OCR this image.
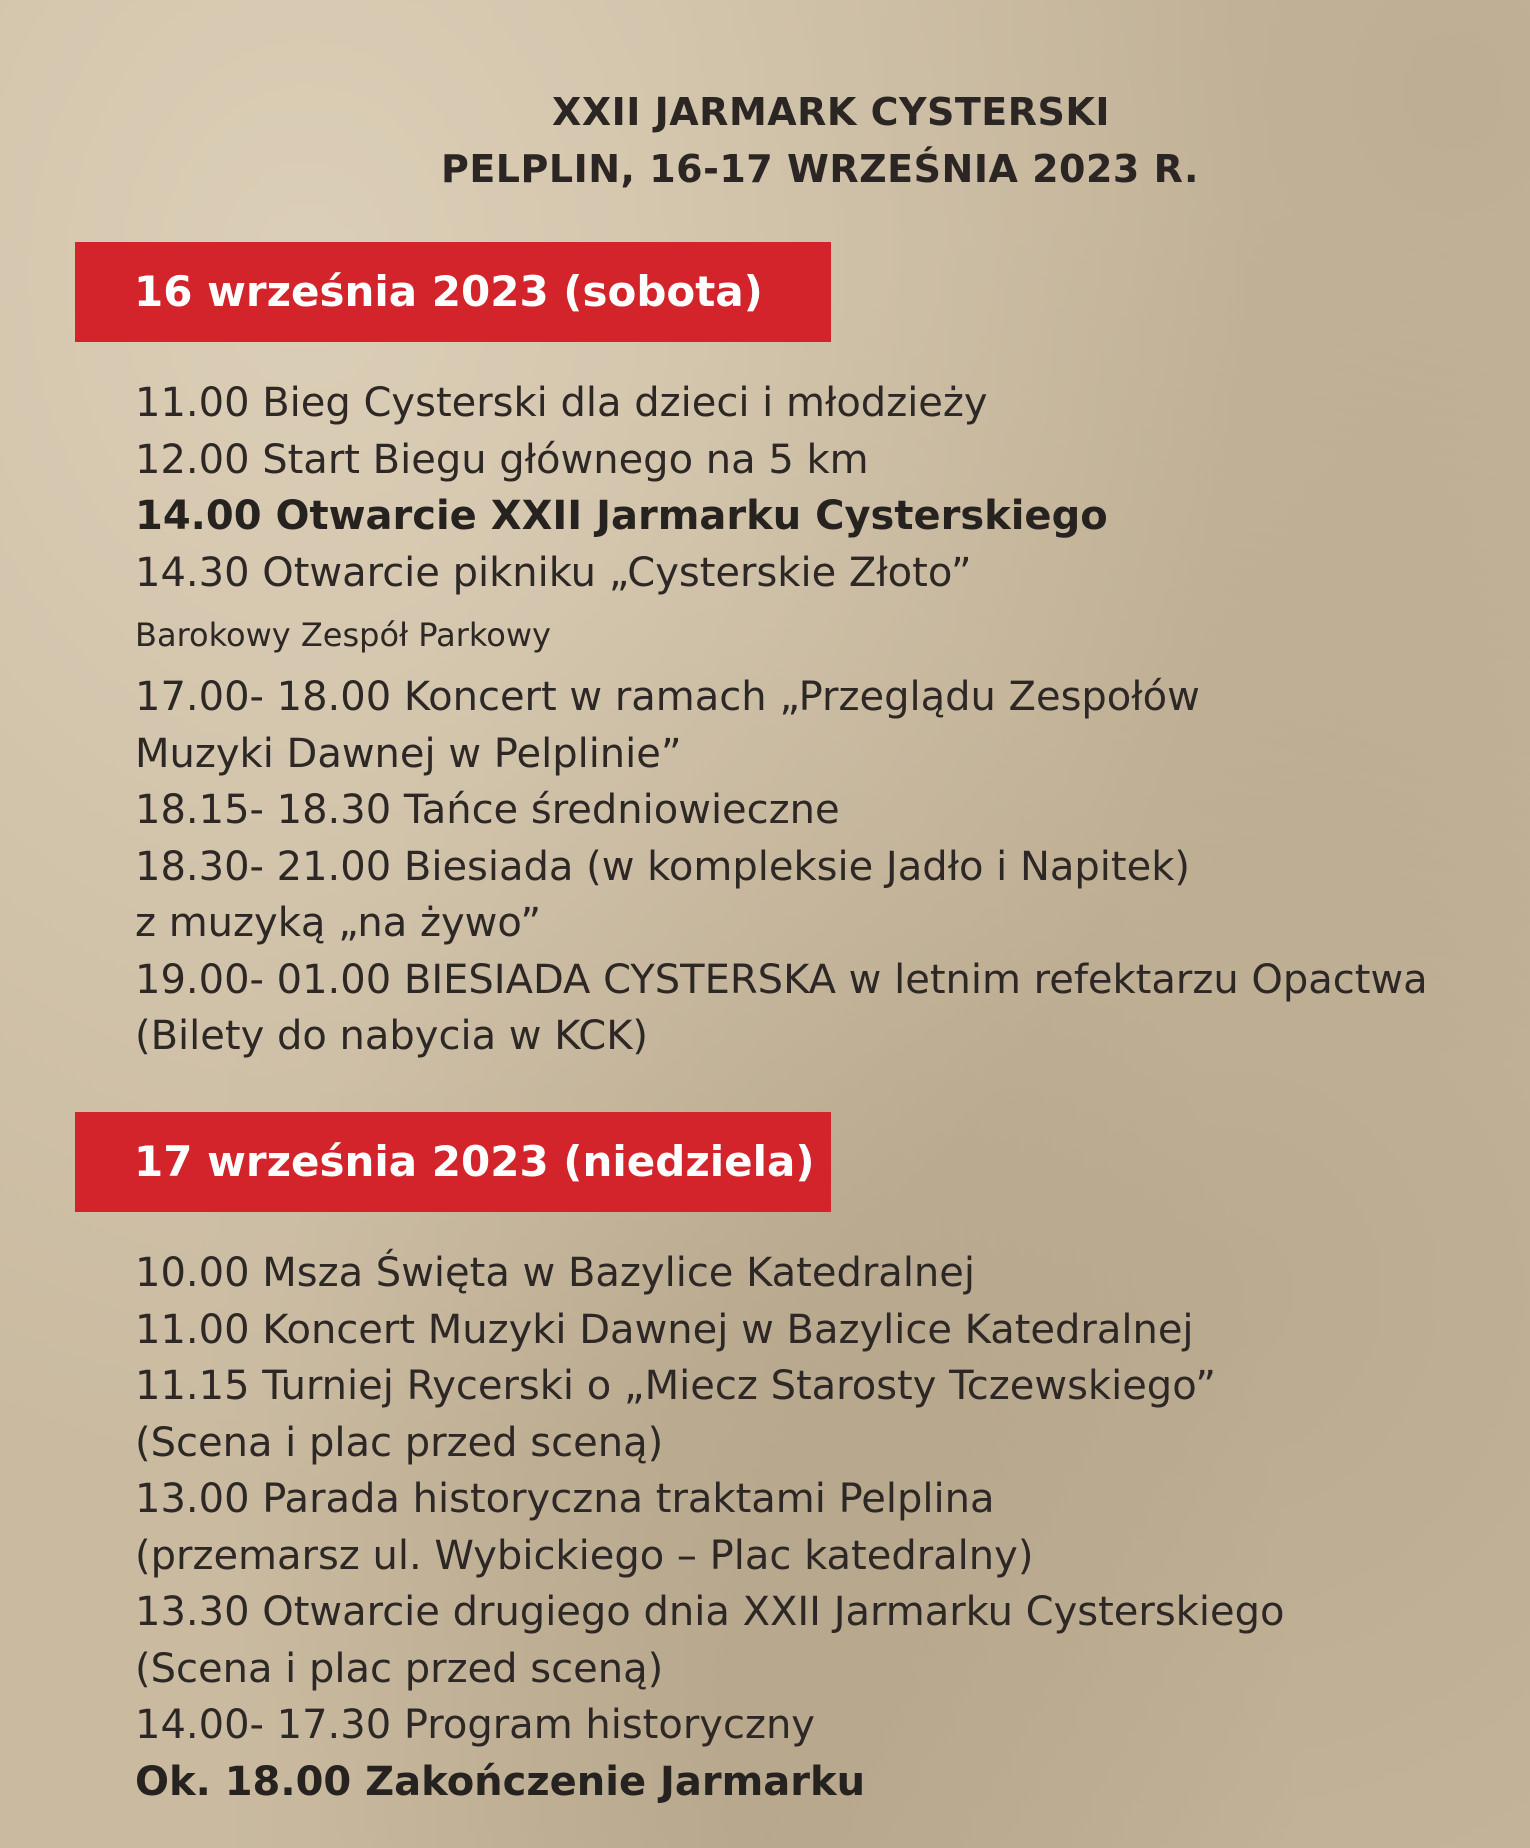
XXII JARMARK CYSTERSKI
PELPLIN, 16-17 WRZEŚNIA 2023 R.
16 września 2023 (sobota)
11.00 Bieg Cysterski dla dzieci i młodzieży
12.00 Start Biegu głównego na 5 km
14.00 Otwarcie XXII Jarmarku Cysterskiego
14.30 Otwarcie pikniku „Cysterskie Złoto”
Barokowy Zespół Parkowy
17.00- 18.00 Koncert w ramach „Przeglądu Zespołów
Muzyki Dawnej w Pelplinie”
18.15- 18.30 Tańce średniowieczne
18.30- 21.00 Biesiada (w kompleksie Jadło i Napitek)
z muzyką „na żywo”
19.00- 01.00 BIESIADA CYSTERSKA w letnim refektarzu Opactwa
(Bilety do nabycia w KCK)
17 września 2023 (niedziela)
10.00 Msza Święta w Bazylice Katedralnej
11.00 Koncert Muzyki Dawnej w Bazylice Katedralnej
11.15 Turniej Rycerski o „Miecz Starosty Tczewskiego”
(Scena i plac przed sceną)
13.00 Parada historyczna traktami Pelplina
(przemarsz ul. Wybickiego – Plac katedralny)
13.30 Otwarcie drugiego dnia XXII Jarmarku Cysterskiego
(Scena i plac przed sceną)
14.00- 17.30 Program historyczny
Ok. 18.00 Zakończenie Jarmarku
